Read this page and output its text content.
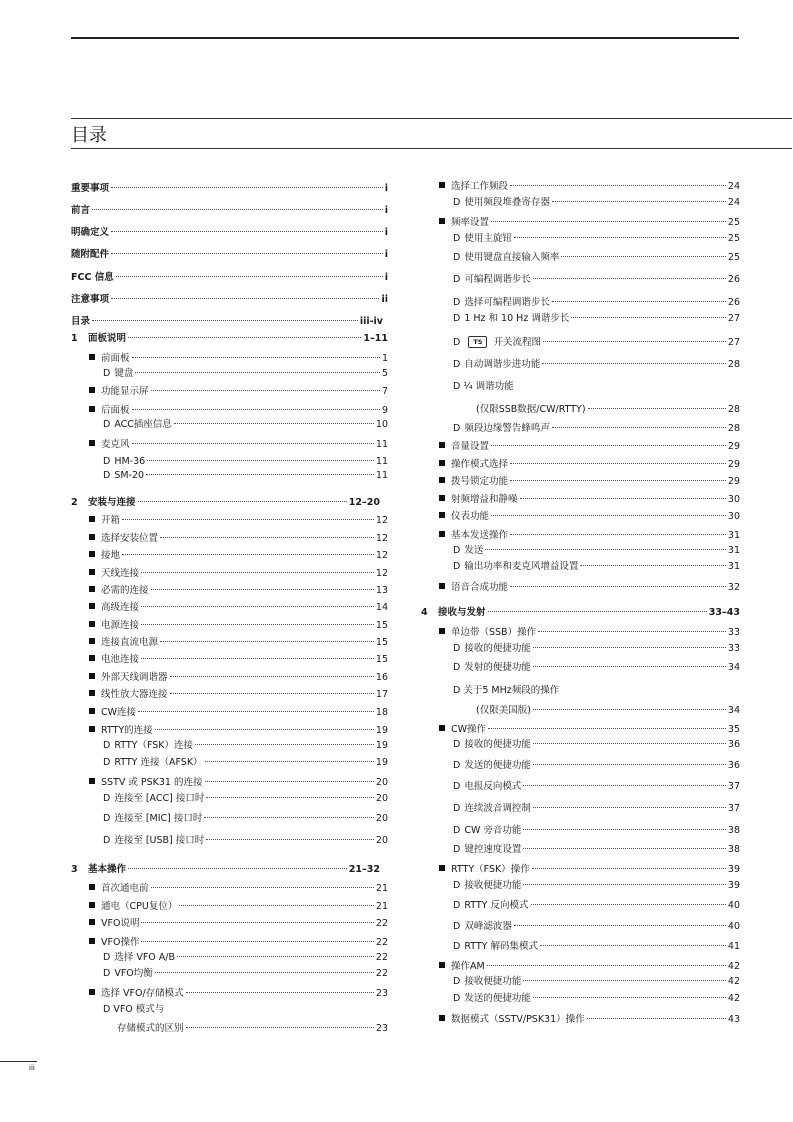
目录
重要事项	i
前言	i
明确定义	i
随附配件	i
FCC 信息	i
注意事项	ii
目录	iii-iv
1 面板说明	1–11
前面板	1
D 键盘	5
功能显示屏	7
后面板	9
D ACC插座信息	10
麦克风	11
D HM-36	11
D SM-20	11
2 安装与连接	12–20
开箱	12
选择安装位置	12
接地	12
天线连接	12
必需的连接	13
高级连接	14
电源连接	15
连接直流电源	15
电池连接	15
外部天线调谐器	16
线性放大器连接	17
CW连接	18
RTTY的连接	19
D RTTY（FSK）连接	19
D RTTY 连接（AFSK）	19
SSTV 或 PSK31 的连接	20
D 连接至 [ACC] 接口时	20
D 连接至 [MIC] 接口时	20
D 连接至 [USB] 接口时	20
3 基本操作	21–32
首次通电前	21
通电（CPU复位）	21
VFO说明	22
VFO操作	22
D 选择 VFO A/B	22
D VFO均衡	22
选择 VFO/存储模式	23
D VFO 模式与
存储模式的区别	23
选择工作频段	24
D 使用频段堆叠寄存器	24
频率设置	25
D 使用主旋钮	25
D 使用键盘直接输入频率	25
D 可编程调谐步长	26
D 选择可编程调谐步长	26
D 1 Hz 和 10 Hz 调谐步长	27
D TS 开关流程图	27
D 自动调谐步进功能	28
D ¼ 调谐功能
(仅限SSB数据/CW/RTTY)	28
D 频段边缘警告蜂鸣声	28
音量设置	29
操作模式选择	29
拨号锁定功能	29
射频增益和静噪	30
仪表功能	30
基本发送操作	31
D 发送	31
D 输出功率和麦克风增益设置	31
语音合成功能	32
4 接收与发射	33–43
单边带（SSB）操作	33
D 接收的便捷功能	33
D 发射的便捷功能	34
D 关于5 MHz频段的操作
(仅限美国版)	34
CW操作	35
D 接收的便捷功能	36
D 发送的便捷功能	36
D 电报反向模式	37
D 连续波音调控制	37
D CW 旁音功能	38
D 键控速度设置	38
RTTY（FSK）操作	39
D 接收便捷功能	39
D RTTY 反向模式	40
D 双峰滤波器	40
D RTTY 解码集模式	41
操作AM	42
D 接收便捷功能	42
D 发送的便捷功能	42
数据模式（SSTV/PSK31）操作	43
iii
